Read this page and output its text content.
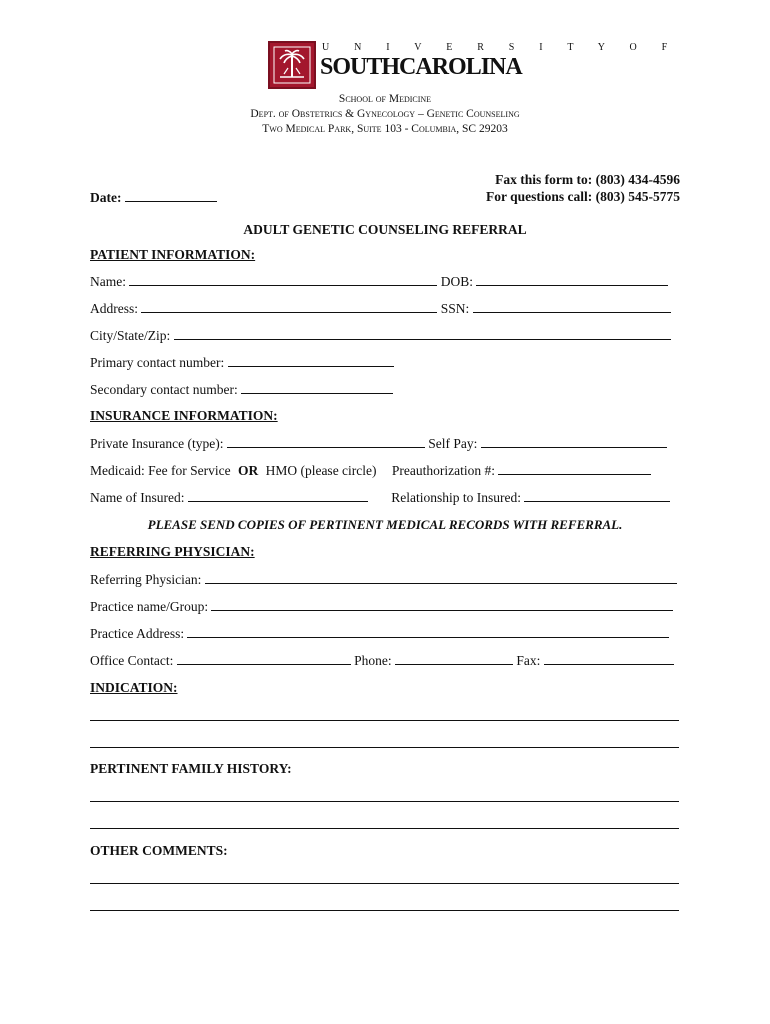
U N I V E R S I T Y O F
SOUTHCAROLINA
School of Medicine
Dept. of Obstetrics & Gynecology – Genetic Counseling
Two Medical Park, Suite 103 - Columbia, SC 29203
Fax this form to: (803) 434-4596
For questions call: (803) 545-5775
Date:
ADULT GENETIC COUNSELING REFERRAL
PATIENT INFORMATION:
Name:	DOB:
Address:	SSN:
City/State/Zip:
Primary contact number:
Secondary contact number:
INSURANCE INFORMATION:
Private Insurance (type):	Self Pay:
Medicaid: Fee for Service OR HMO (please circle) Preauthorization #:
Name of Insured:	Relationship to Insured:
PLEASE SEND COPIES OF PERTINENT MEDICAL RECORDS WITH REFERRAL.
REFERRING PHYSICIAN:
Referring Physician:
Practice name/Group:
Practice Address:
Office Contact:	Phone:	Fax:
INDICATION:
PERTINENT FAMILY HISTORY:
OTHER COMMENTS:
